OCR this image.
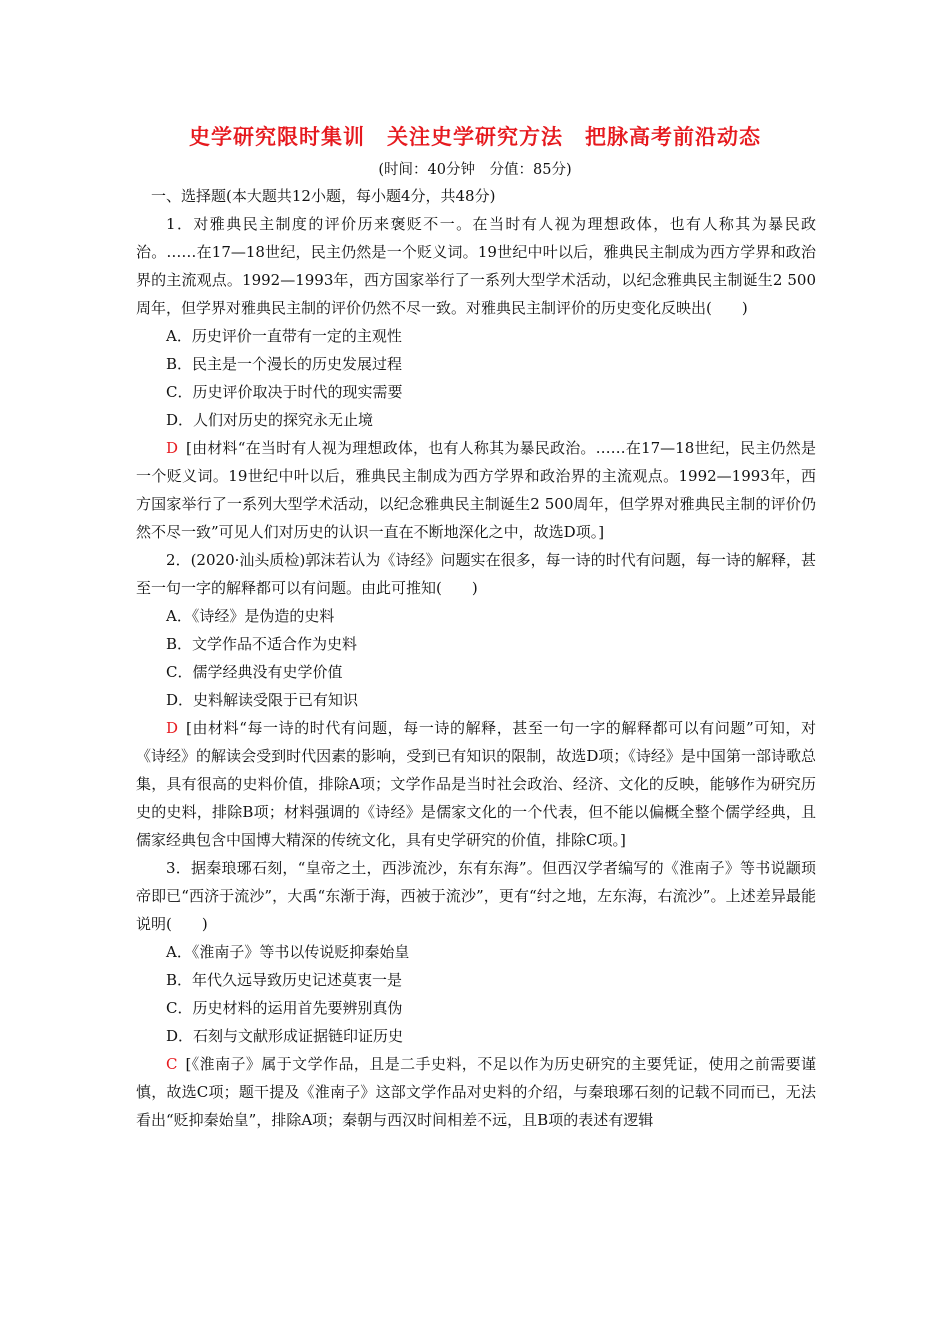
史学研究限时集训　关注史学研究方法　把脉高考前沿动态
(时间：40分钟　分值：85分)

一、选择题(本大题共12小题，每小题4分，共48分)

1．对雅典民主制度的评价历来褒贬不一。在当时有人视为理想政体，也有人称其为暴民政治。……在17—18世纪，民主仍然是一个贬义词。19世纪中叶以后，雅典民主制成为西方学界和政治界的主流观点。1992—1993年，西方国家举行了一系列大型学术活动，以纪念雅典民主制诞生2 500周年，但学界对雅典民主制的评价仍然不尽一致。对雅典民主制评价的历史变化反映出(　　)

A．历史评价一直带有一定的主观性

B．民主是一个漫长的历史发展过程

C．历史评价取决于时代的现实需要

D．人们对历史的探究永无止境

D [由材料“在当时有人视为理想政体，也有人称其为暴民政治。……在17—18世纪，民主仍然是一个贬义词。19世纪中叶以后，雅典民主制成为西方学界和政治界的主流观点。1992—1993年，西方国家举行了一系列大型学术活动，以纪念雅典民主制诞生2 500周年，但学界对雅典民主制的评价仍然不尽一致”可见人们对历史的认识一直在不断地深化之中，故选D项。]

2．(2020·汕头质检)郭沫若认为《诗经》问题实在很多，每一诗的时代有问题，每一诗的解释，甚至一句一字的解释都可以有问题。由此可推知(　　)

A．《诗经》是伪造的史料

B．文学作品不适合作为史料

C．儒学经典没有史学价值

D．史料解读受限于已有知识

D [由材料“每一诗的时代有问题，每一诗的解释，甚至一句一字的解释都可以有问题”可知，对《诗经》的解读会受到时代因素的影响，受到已有知识的限制，故选D项；《诗经》是中国第一部诗歌总集，具有很高的史料价值，排除A项；文学作品是当时社会政治、经济、文化的反映，能够作为研究历史的史料，排除B项；材料强调的《诗经》是儒家文化的一个代表，但不能以偏概全整个儒学经典，且儒家经典包含中国博大精深的传统文化，具有史学研究的价值，排除C项。]

3．据秦琅琊石刻，“皇帝之土，西涉流沙，东有东海”。但西汉学者编写的《淮南子》等书说颛顼帝即已“西济于流沙”，大禹“东渐于海，西被于流沙”，更有“纣之地，左东海，右流沙”。上述差异最能说明(　　)

A．《淮南子》等书以传说贬抑秦始皇

B．年代久远导致历史记述莫衷一是

C．历史材料的运用首先要辨别真伪

D．石刻与文献形成证据链印证历史

C [《淮南子》属于文学作品，且是二手史料，不足以作为历史研究的主要凭证，使用之前需要谨慎，故选C项；题干提及《淮南子》这部文学作品对史料的介绍，与秦琅琊石刻的记载不同而已，无法看出“贬抑秦始皇”，排除A项；秦朝与西汉时间相差不远，且B项的表述有逻辑
